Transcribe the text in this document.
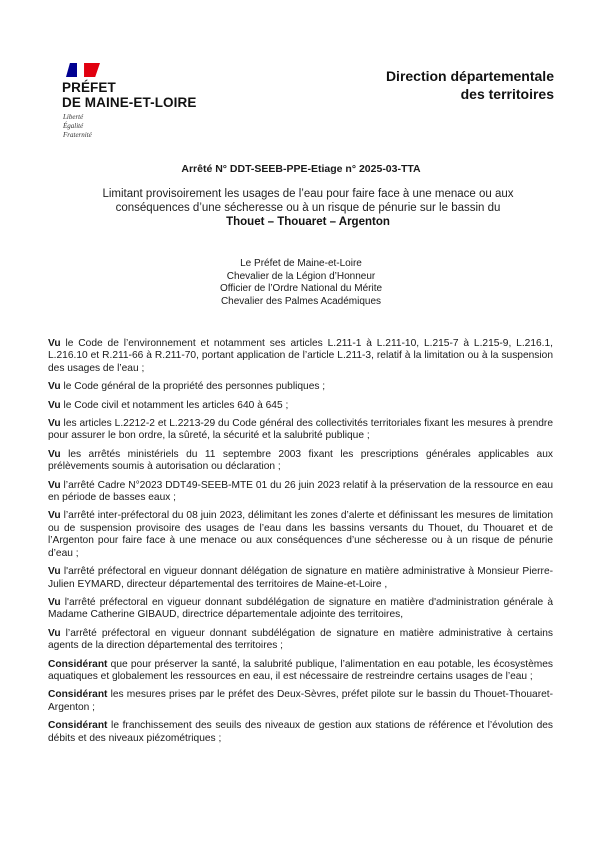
PRÉFET
DE MAINE-ET-LOIRE
Liberté
Égalité
Fraternité
Direction départementale
des territoires
Arrêté N° DDT-SEEB-PPE-Etiage n° 2025-03-TTA
Limitant provisoirement les usages de l’eau pour faire face à une menace ou aux conséquences d’une sécheresse ou à un risque de pénurie sur le bassin du
Thouet – Thouaret – Argenton
Le Préfet de Maine-et-Loire
Chevalier de la Légion d’Honneur
Officier de l’Ordre National du Mérite
Chevalier des Palmes Académiques

Vu le Code de l’environnement et notamment ses articles L.211-1 à L.211-10, L.215-7 à L.215-9, L.216.1, L.216.10 et R.211-66 à R.211-70, portant application de l’article L.211-3, relatif à la limitation ou à la suspension des usages de l’eau ;

Vu le Code général de la propriété des personnes publiques ;

Vu le Code civil et notamment les articles 640 à 645 ;

Vu les articles L.2212-2 et L.2213-29 du Code général des collectivités territoriales fixant les mesures à prendre pour assurer le bon ordre, la sûreté, la sécurité et la salubrité publique ;

Vu les arrêtés ministériels du 11 septembre 2003 fixant les prescriptions générales applicables aux prélèvements soumis à autorisation ou déclaration ;

Vu l’arrêté Cadre N°2023 DDT49-SEEB-MTE 01 du 26 juin 2023 relatif à la préservation de la ressource en eau en période de basses eaux ;

Vu l’arrêté inter-préfectoral du 08 juin 2023, délimitant les zones d’alerte et définissant les mesures de limitation ou de suspension provisoire des usages de l’eau dans les bassins versants du Thouet, du Thouaret et de l’Argenton pour faire face à une menace ou aux conséquences d’une sécheresse ou à un risque de pénurie d’eau ;

Vu l'arrêté préfectoral en vigueur donnant délégation de signature en matière administrative à Monsieur Pierre-Julien EYMARD, directeur départemental des territoires de Maine-et-Loire ,

Vu l'arrêté préfectoral en vigueur donnant subdélégation de signature en matière d'administration générale à Madame Catherine GIBAUD, directrice départementale adjointe des territoires,

Vu l’arrêté préfectoral en vigueur donnant subdélégation de signature en matière administrative à certains agents de la direction départemental des territoires ;

Considérant que pour préserver la santé, la salubrité publique, l’alimentation en eau potable, les écosystèmes aquatiques et globalement les ressources en eau, il est nécessaire de restreindre certains usages de l’eau ;

Considérant les mesures prises par le préfet des Deux-Sèvres, préfet pilote sur le bassin du Thouet-Thouaret-Argenton ;

Considérant le franchissement des seuils des niveaux de gestion aux stations de référence et l’évolution des débits et des niveaux piézométriques ;
